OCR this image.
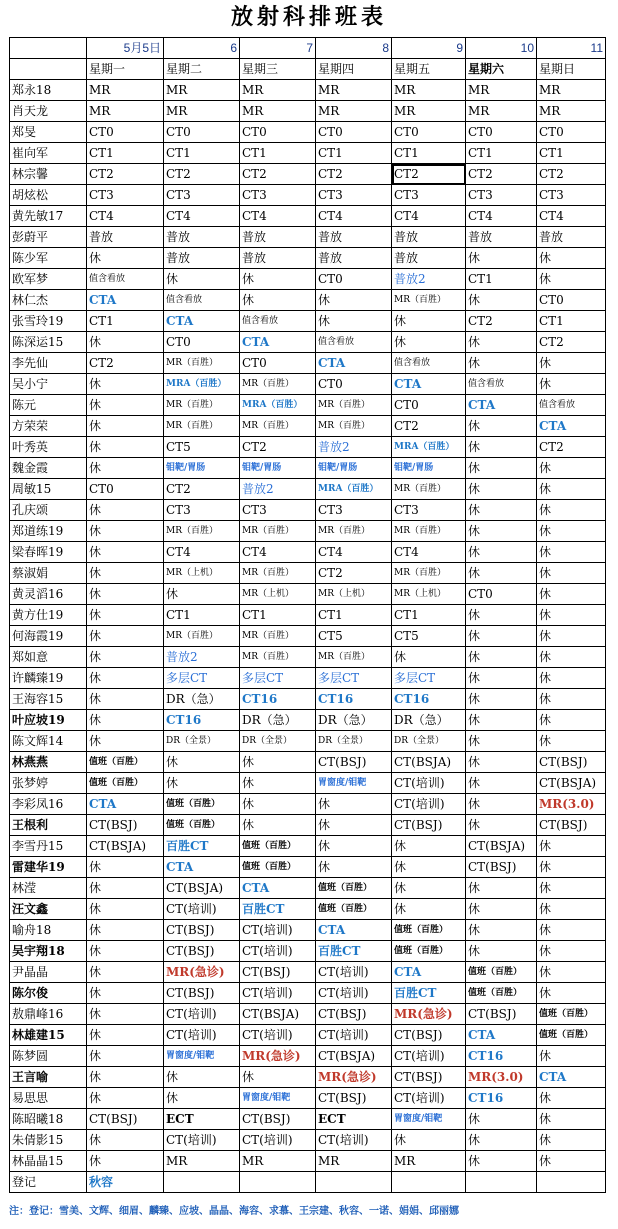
放射科排班表
	5月5日	6	7	8	9	10	11
	星期一	星期二	星期三	星期四	星期五	星期六	星期日
郑永18	MR	MR	MR	MR	MR	MR	MR
肖天龙	MR	MR	MR	MR	MR	MR	MR
郑旻	CT0	CT0	CT0	CT0	CT0	CT0	CT0
崔向军	CT1	CT1	CT1	CT1	CT1	CT1	CT1
林宗馨	CT2	CT2	CT2	CT2	CT2	CT2	CT2
胡炫松	CT3	CT3	CT3	CT3	CT3	CT3	CT3
黄先敏17	CT4	CT4	CT4	CT4	CT4	CT4	CT4
彭蔚平	普放	普放	普放	普放	普放	普放	普放
陈少军	休	普放	普放	普放	普放	休	休
欧军梦	值含看放	休	休	CT0	普放2	CT1	休
林仁杰	CTA	值含看放	休	休	MR（百胜）	休	CT0
张雪玲19	CT1	CTA	值含看放	休	休	CT2	CT1
陈深运15	休	CT0	CTA	值含看放	休	休	CT2
李先仙	CT2	MR（百胜）	CT0	CTA	值含看放	休	休
吴小宁	休	MRA（百胜）	MR（百胜）	CT0	CTA	值含看放	休
陈元	休	MR（百胜）	MRA（百胜）	MR（百胜）	CT0	CTA	值含看放
方荣荣	休	MR（百胜）	MR（百胜）	MR（百胜）	CT2	休	CTA
叶秀英	休	CT5	CT2	普放2	MRA（百胜）	休	CT2
魏金霞	休	钼靶/胃肠	钼靶/胃肠	钼靶/胃肠	钼靶/胃肠	休	休
周敏15	CT0	CT2	普放2	MRA（百胜）	MR（百胜）	休	休
孔庆颂	休	CT3	CT3	CT3	CT3	休	休
郑道练19	休	MR（百胜）	MR（百胜）	MR（百胜）	MR（百胜）	休	休
梁春晖19	休	CT4	CT4	CT4	CT4	休	休
蔡淑娟	休	MR（上机）	MR（百胜）	CT2	MR（百胜）	休	休
黄灵滔16	休	休	MR（上机）	MR（上机）	MR（上机）	CT0	休
黄方仕19	休	CT1	CT1	CT1	CT1	休	休
何海霞19	休	MR（百胜）	MR（百胜）	CT5	CT5	休	休
郑如意	休	普放2	MR（百胜）	MR（百胜）	休	休	休
许麟臻19	休	多层CT	多层CT	多层CT	多层CT	休	休
王海容15	休	DR（急）	CT16	CT16	CT16	休	休
叶应坡19	休	CT16	DR（急）	DR（急）	DR（急）	休	休
陈文辉14	休	DR（全景）	DR（全景）	DR（全景）	DR（全景）	休	休
林燕燕	值班（百胜）	休	休	CT(BSJ)	CT(BSJA)	休	CT(BSJ)
张梦婷	值班（百胜）	休	休	胃窗度/钼靶	CT(培训)	休	CT(BSJA)
李彩凤16	CTA	值班（百胜）	休	休	CT(培训)	休	MR(3.0)
王根利	CT(BSJ)	值班（百胜）	休	休	CT(BSJ)	休	CT(BSJ)
李雪丹15	CT(BSJA)	百胜CT	值班（百胜）	休	休	CT(BSJA)	休
雷建华19	休	CTA	值班（百胜）	休	休	CT(BSJ)	休
林滢	休	CT(BSJA)	CTA	值班（百胜）	休	休	休
汪文鑫	休	CT(培训)	百胜CT	值班（百胜）	休	休	休
喻舟18	休	CT(BSJ)	CT(培训)	CTA	值班（百胜）	休	休
吴宇翔18	休	CT(BSJ)	CT(培训)	百胜CT	值班（百胜）	休	休
尹晶晶	休	MR(急诊)	CT(BSJ)	CT(培训)	CTA	值班（百胜）	休
陈尔俊	休	CT(BSJ)	CT(培训)	CT(培训)	百胜CT	值班（百胜）	休
敖鼎峰16	休	CT(培训)	CT(BSJA)	CT(BSJ)	MR(急诊)	CT(BSJ)	值班（百胜）
林雄建15	休	CT(培训)	CT(培训)	CT(培训)	CT(BSJ)	CTA	值班（百胜）
陈梦圆	休	胃窗度/钼靶	MR(急诊)	CT(BSJA)	CT(培训)	CT16	休
王言喻	休	休	休	MR(急诊)	CT(BSJ)	MR(3.0)	CTA
易思思	休	休	胃窗度/钼靶	CT(BSJ)	CT(培训)	CT16	休
陈昭曦18	CT(BSJ)	ECT	CT(BSJ)	ECT	胃窗度/钼靶	休	休
朱倩影15	休	CT(培训)	CT(培训)	CT(培训)	休	休	休
林晶晶15	休	MR	MR	MR	MR	休	休
登记	秋容						
注：登记：雪美、文辉、细眉、麟臻、应坡、晶晶、海容、求慕、王宗建、秋容、一诺、娟娟、邱丽娜
